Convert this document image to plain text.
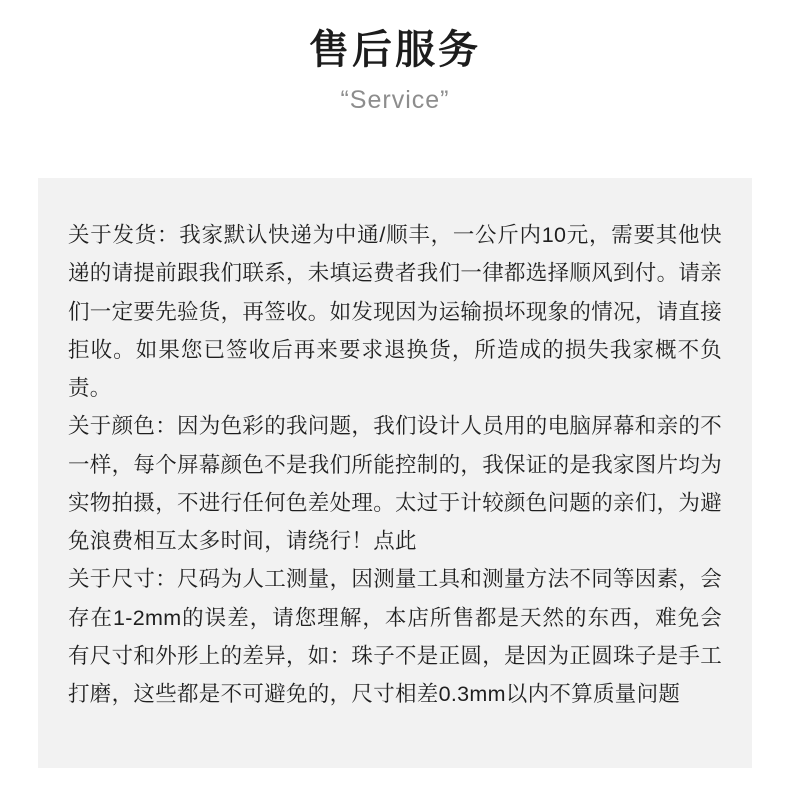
售后服务
“Service”

关于发货：我家默认快递为中通/顺丰，一公斤内10元，需要其他快递的请提前跟我们联系，未填运费者我们一律都选择顺风到付。请亲们一定要先验货，再签收。如发现因为运输损坏现象的情况，请直接拒收。如果您已签收后再来要求退换货，所造成的损失我家概不负责。

关于颜色：因为色彩的我问题，我们设计人员用的电脑屏幕和亲的不一样，每个屏幕颜色不是我们所能控制的，我保证的是我家图片均为实物拍摄，不进行任何色差处理。太过于计较颜色问题的亲们，为避免浪费相互太多时间，请绕行！点此

关于尺寸：尺码为人工测量，因测量工具和测量方法不同等因素，会存在1-2mm的误差，请您理解，本店所售都是天然的东西，难免会有尺寸和外形上的差异，如：珠子不是正圆，是因为正圆珠子是手工打磨，这些都是不可避免的，尺寸相差0.3mm以内不算质量问题
